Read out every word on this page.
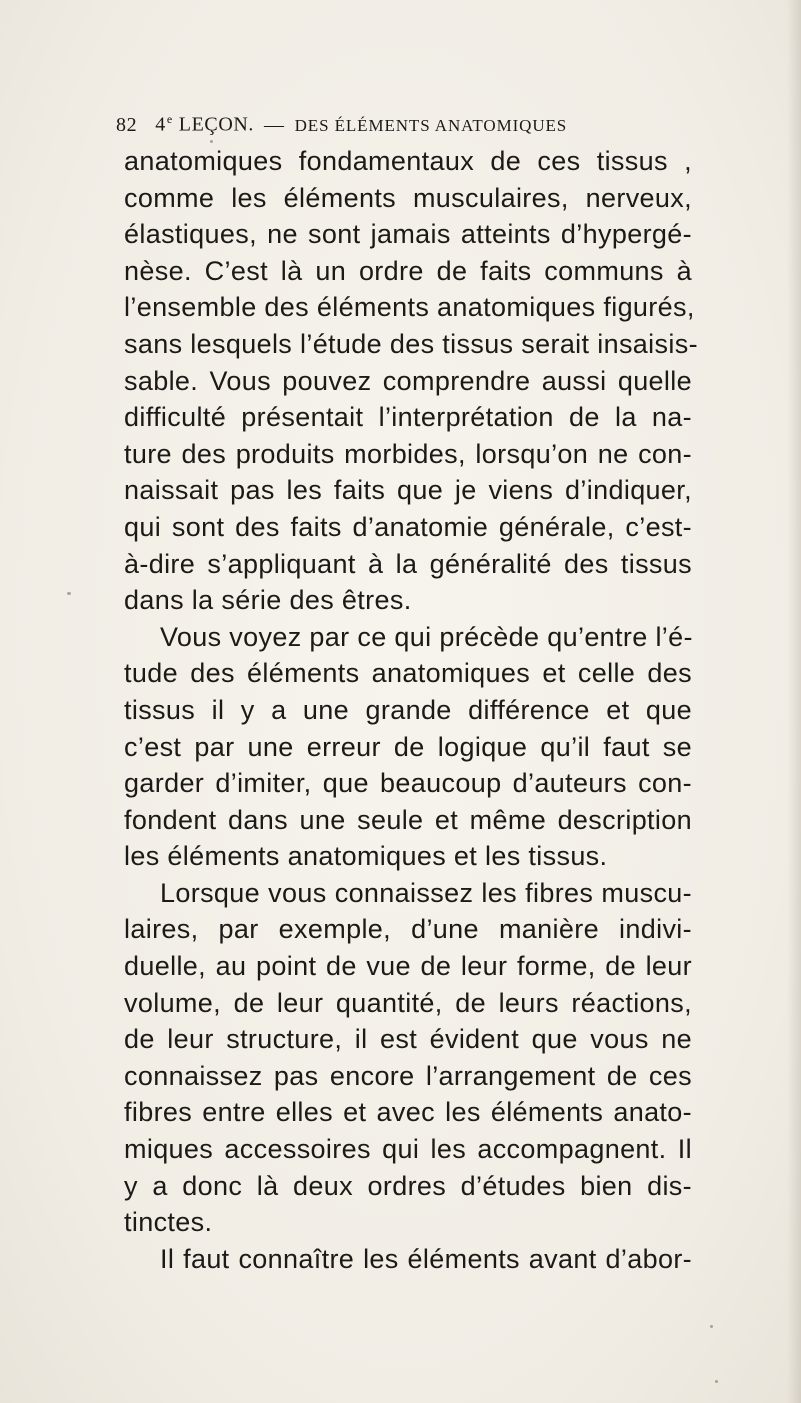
82 4e LEÇON. — DES ÉLÉMENTS ANATOMIQUES
anatomiques fondamentaux de ces tissus ,
comme les éléments musculaires, nerveux,
élastiques, ne sont jamais atteints d’hypergé-
nèse. C’est là un ordre de faits communs à
l’ensemble des éléments anatomiques figurés,
sans lesquels l’étude des tissus serait insaisis-
sable. Vous pouvez comprendre aussi quelle
difficulté présentait l’interprétation de la na-
ture des produits morbides, lorsqu’on ne con-
naissait pas les faits que je viens d’indiquer,
qui sont des faits d’anatomie générale, c’est-
à-dire s’appliquant à la généralité des tissus
dans la série des êtres.
Vous voyez par ce qui précède qu’entre l’é-
tude des éléments anatomiques et celle des
tissus il y a une grande différence et que
c’est par une erreur de logique qu’il faut se
garder d’imiter, que beaucoup d’auteurs con-
fondent dans une seule et même description
les éléments anatomiques et les tissus.
Lorsque vous connaissez les fibres muscu-
laires, par exemple, d’une manière indivi-
duelle, au point de vue de leur forme, de leur
volume, de leur quantité, de leurs réactions,
de leur structure, il est évident que vous ne
connaissez pas encore l’arrangement de ces
fibres entre elles et avec les éléments anato-
miques accessoires qui les accompagnent. Il
y a donc là deux ordres d’études bien dis-
tinctes.
Il faut connaître les éléments avant d’abor-
